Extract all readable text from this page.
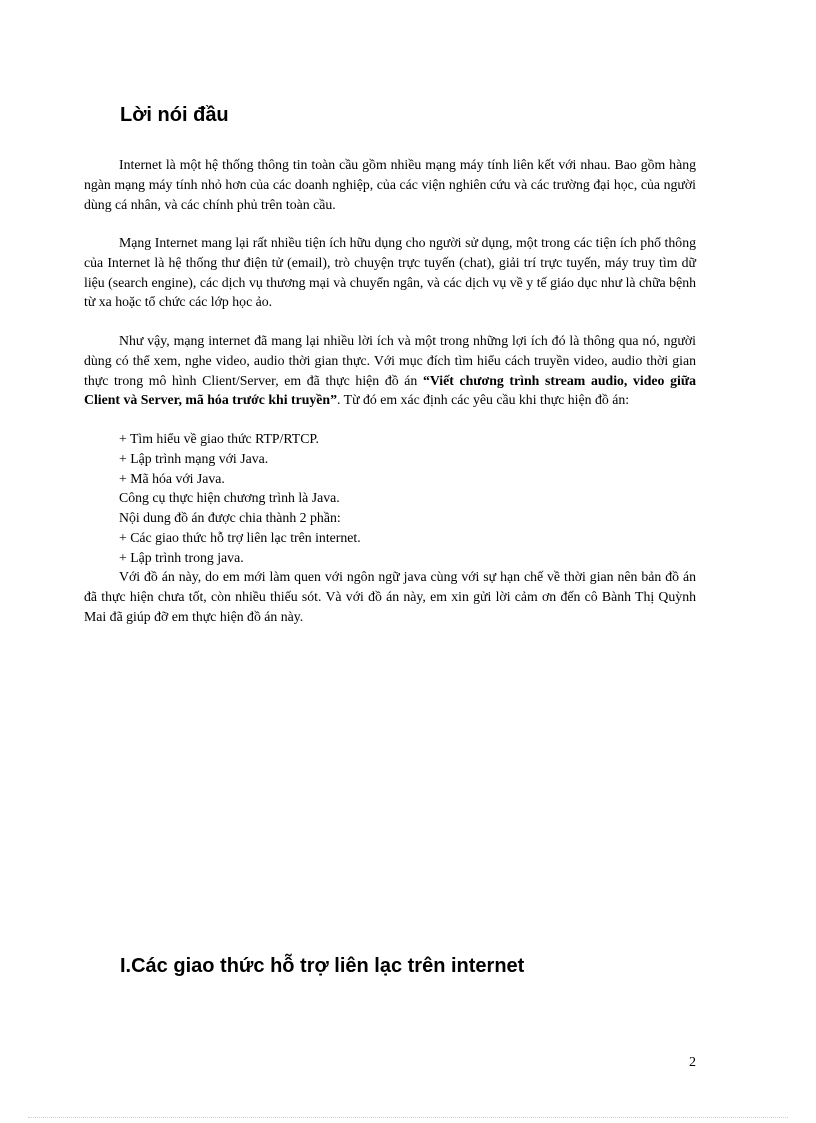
Lời nói đầu

Internet là một hệ thống thông tin toàn cầu gồm nhiều mạng máy tính liên kết với nhau. Bao gồm hàng ngàn mạng máy tính nhỏ hơn của các doanh nghiệp, của các viện nghiên cứu và các trường đại học, của người dùng cá nhân, và các chính phủ trên toàn cầu.

Mạng Internet mang lại rất nhiều tiện ích hữu dụng cho người sử dụng, một trong các tiện ích phổ thông của Internet là hệ thống thư điện tử (email), trò chuyện trực tuyến (chat), giải trí trực tuyến, máy truy tìm dữ liệu (search engine), các dịch vụ thương mại và chuyển ngân, và các dịch vụ về y tế giáo dục như là chữa bệnh từ xa hoặc tổ chức các lớp học ảo.

Như vậy, mạng internet đã mang lại nhiều lời ích và một trong những lợi ích đó là thông qua nó, người dùng có thể xem, nghe video, audio thời gian thực. Với mục đích tìm hiểu cách truyền video, audio thời gian thực trong mô hình Client/Server, em đã thực hiện đồ án “Viết chương trình stream audio, video giữa Client và Server, mã hóa trước khi truyền”. Từ đó em xác định các yêu cầu khi thực hiện đồ án:

+ Tìm hiểu về giao thức RTP/RTCP.

+ Lập trình mạng với Java.

+ Mã hóa với Java.

Công cụ thực hiện chương trình là Java.

Nội dung đồ án được chia thành 2 phần:

+ Các giao thức hỗ trợ liên lạc trên internet.

+ Lập trình trong java.

Với đồ án này, do em mới làm quen với ngôn ngữ java cùng với sự hạn chế về thời gian nên bản đồ án đã thực hiện chưa tốt, còn nhiều thiếu sót. Và với đồ án này, em xin gửi lời cảm ơn đến cô Bành Thị Quỳnh Mai đã giúp đỡ em thực hiện đồ án này.

I.Các giao thức hỗ trợ liên lạc trên internet
2
